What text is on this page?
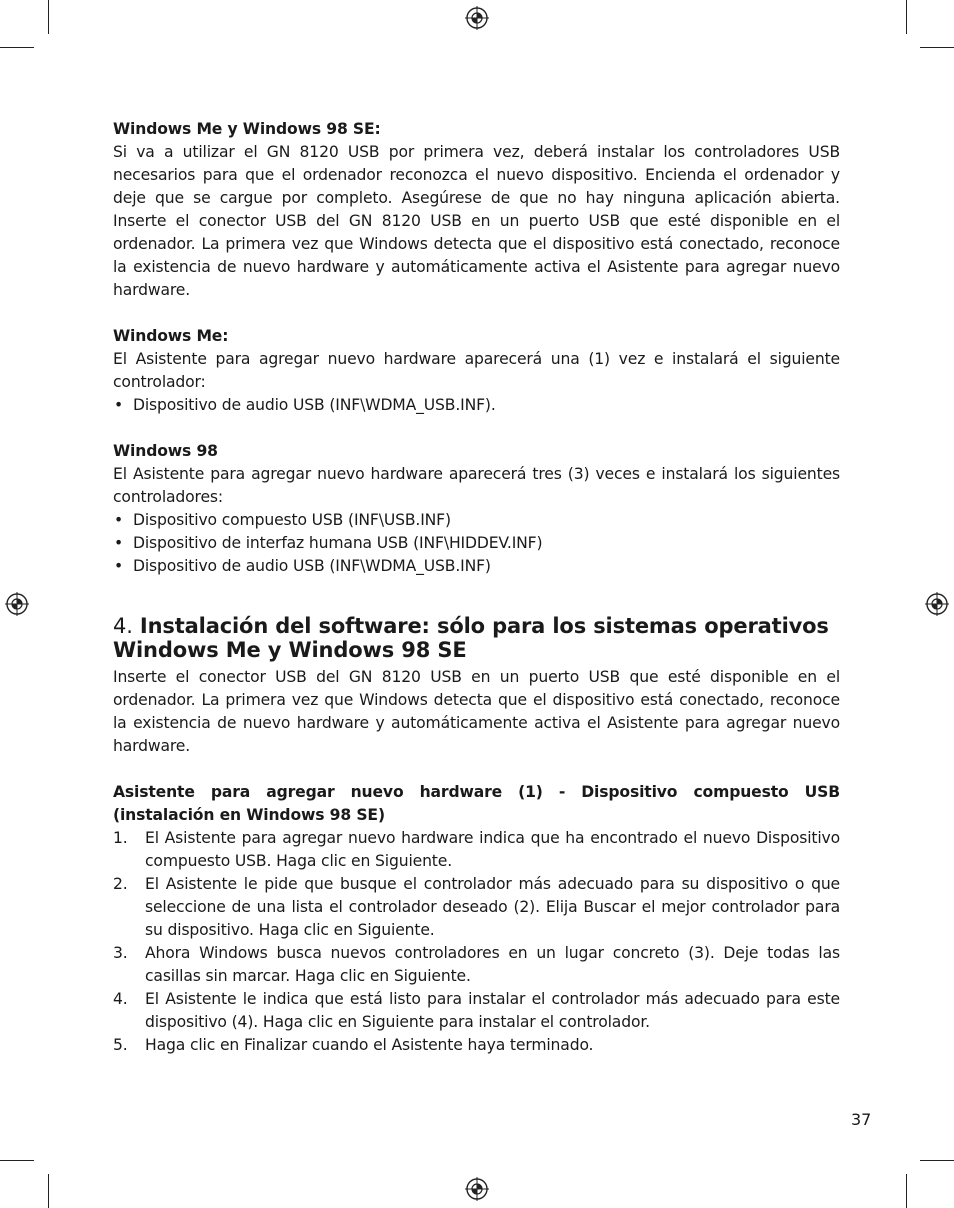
Windows Me y Windows 98 SE:

Si va a utilizar el GN 8120 USB por primera vez, deberá instalar los controladores USB necesarios para que el ordenador reconozca el nuevo dispositivo. Encienda el ordenador y deje que se cargue por completo. Asegúrese de que no hay ninguna aplicación abierta. Inserte el conector USB del GN 8120 USB en un puerto USB que esté disponible en el ordenador. La primera vez que Windows detecta que el dispositivo está conectado, reconoce la existencia de nuevo hardware y automáticamente activa el Asistente para agregar nuevo hardware.

Windows Me:

El Asistente para agregar nuevo hardware aparecerá una (1) vez e instalará el siguiente controlador:

• Dispositivo de audio USB (INF\WDMA_USB.INF).

Windows 98

El Asistente para agregar nuevo hardware aparecerá tres (3) veces e instalará los siguientes controladores:

• Dispositivo compuesto USB (INF\USB.INF)
• Dispositivo de interfaz humana USB (INF\HIDDEV.INF)
• Dispositivo de audio USB (INF\WDMA_USB.INF)
4. Instalación del software: sólo para los sistemas operativos Windows Me y Windows 98 SE

Inserte el conector USB del GN 8120 USB en un puerto USB que esté disponible en el ordenador. La primera vez que Windows detecta que el dispositivo está conectado, reconoce la existencia de nuevo hardware y automáticamente activa el Asistente para agregar nuevo hardware.

Asistente para agregar nuevo hardware (1) - Dispositivo compuesto USB (instalación en Windows 98 SE)

1. El Asistente para agregar nuevo hardware indica que ha encontrado el nuevo Dispositivo compuesto USB. Haga clic en Siguiente.
2. El Asistente le pide que busque el controlador más adecuado para su dispositivo o que seleccione de una lista el controlador deseado (2). Elija Buscar el mejor controlador para su dispositivo. Haga clic en Siguiente.
3. Ahora Windows busca nuevos controladores en un lugar concreto (3). Deje todas las casillas sin marcar. Haga clic en Siguiente.
4. El Asistente le indica que está listo para instalar el controlador más adecuado para este dispositivo (4). Haga clic en Siguiente para instalar el controlador.
5. Haga clic en Finalizar cuando el Asistente haya terminado.
37
